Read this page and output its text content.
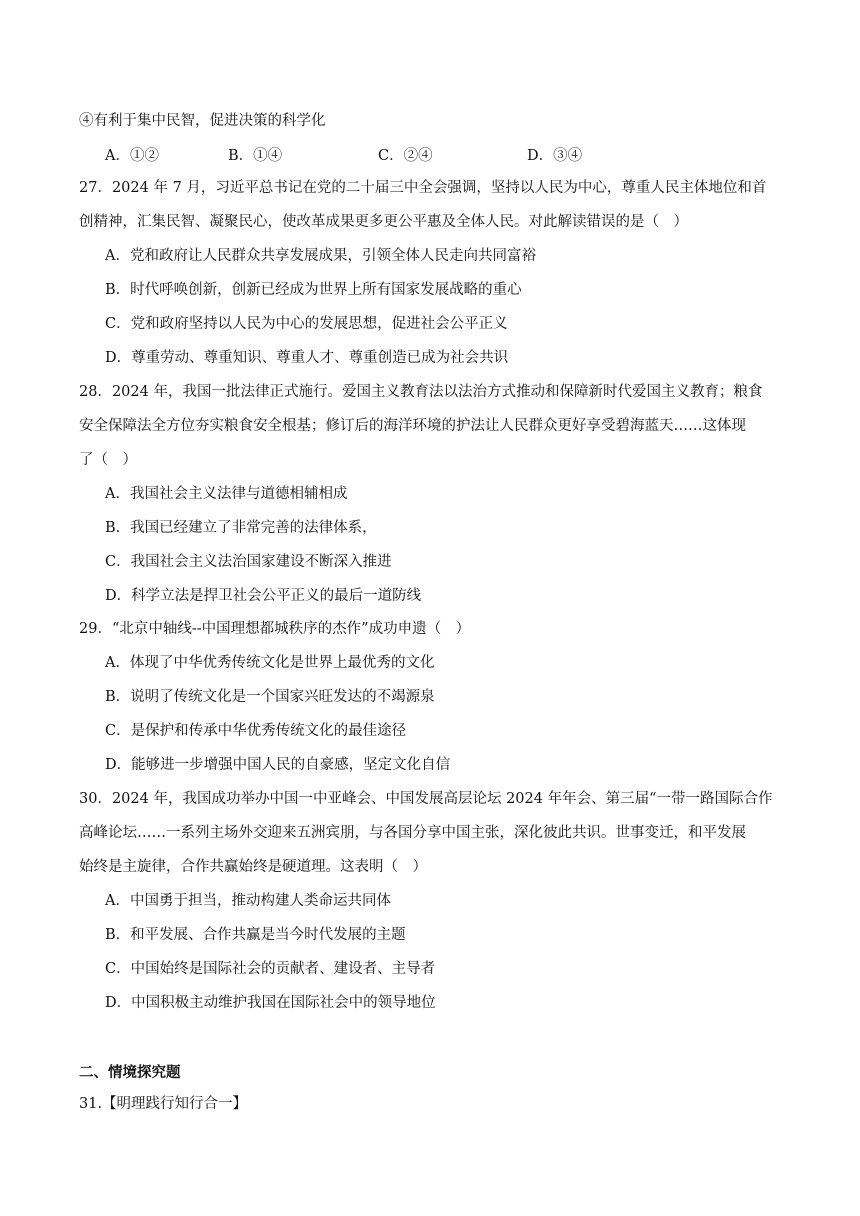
④有利于集中民智，促进决策的科学化
A．①②	B．①④	C．②④	D．③④
27．2024 年 7 月，习近平总书记在党的二十届三中全会强调，坚持以人民为中心，尊重人民主体地位和首
创精神，汇集民智、凝聚民心，使改革成果更多更公平惠及全体人民。对此解读错误的是（　）
A．党和政府让人民群众共享发展成果，引领全体人民走向共同富裕
B．时代呼唤创新，创新已经成为世界上所有国家发展战略的重心
C．党和政府坚持以人民为中心的发展思想，促进社会公平正义
D．尊重劳动、尊重知识、尊重人才、尊重创造已成为社会共识
28．2024 年，我国一批法律正式施行。爱国主义教育法以法治方式推动和保障新时代爱国主义教育；粮食
安全保障法全方位夯实粮食安全根基；修订后的海洋环境的护法让人民群众更好享受碧海蓝天……这体现
了（　）
A．我国社会主义法律与道德相辅相成
B．我国已经建立了非常完善的法律体系，
C．我国社会主义法治国家建设不断深入推进
D．科学立法是捍卫社会公平正义的最后一道防线
29．“北京中轴线--中国理想都城秩序的杰作”成功申遗（　）
A．体现了中华优秀传统文化是世界上最优秀的文化
B．说明了传统文化是一个国家兴旺发达的不竭源泉
C．是保护和传承中华优秀传统文化的最佳途径
D．能够进一步增强中国人民的自豪感，坚定文化自信
30．2024 年，我国成功举办中国一中亚峰会、中国发展高层论坛 2024 年年会、第三届“一带一路国际合作
高峰论坛……一系列主场外交迎来五洲宾朋，与各国分享中国主张，深化彼此共识。世事变迁，和平发展
始终是主旋律，合作共赢始终是硬道理。这表明（　）
A．中国勇于担当，推动构建人类命运共同体
B．和平发展、合作共赢是当今时代发展的主题
C．中国始终是国际社会的贡献者、建设者、主导者
D．中国积极主动维护我国在国际社会中的领导地位
二、情境探究题
31.【明理践行知行合一】
